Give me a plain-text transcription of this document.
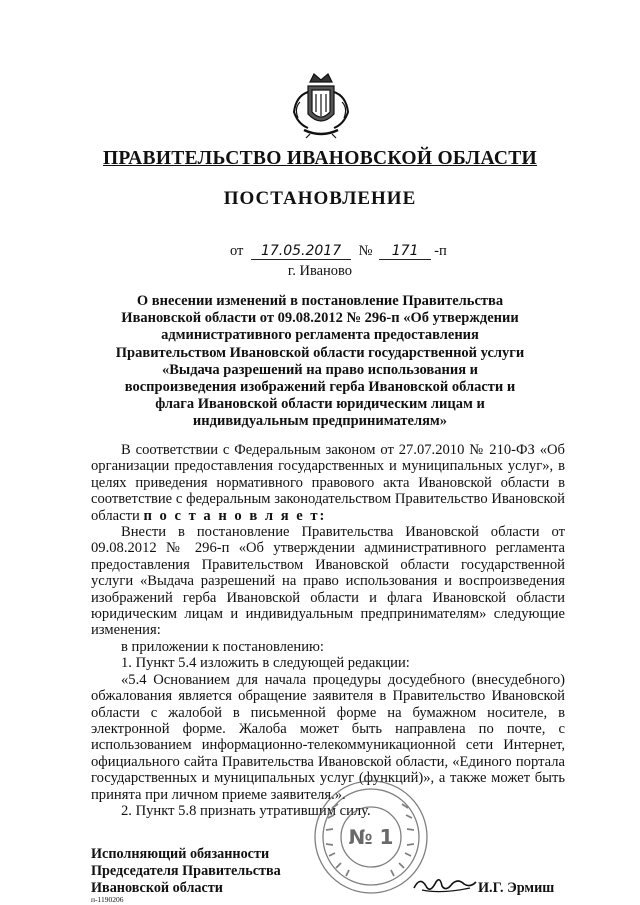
ПРАВИТЕЛЬСТВО ИВАНОВСКОЙ ОБЛАСТИ
ПОСТАНОВЛЕНИЕ
от 17.05.2017 № 171 -п
г. Иваново
О внесении изменений в постановление Правительства Ивановской области от 09.08.2012 № 296-п «Об утверждении административного регламента предоставления Правительством Ивановской области государственной услуги «Выдача разрешений на право использования и воспроизведения изображений герба Ивановской области и флага Ивановской области юридическим лицам и индивидуальным предпринимателям»

В соответствии с Федеральным законом от 27.07.2010 № 210-ФЗ «Об организации предоставления государственных и муниципальных услуг», в целях приведения нормативного правового акта Ивановской области в соответствие с федеральным законодательством Правительство Ивановской области п о с т а н о в л я е т:

Внести в постановление Правительства Ивановской области от 09.08.2012 № 296-п «Об утверждении административного регламента предоставления Правительством Ивановской области государственной услуги «Выдача разрешений на право использования и воспроизведения изображений герба Ивановской области и флага Ивановской области юридическим лицам и индивидуальным предпринимателям» следующие изменения:

в приложении к постановлению:

1. Пункт 5.4 изложить в следующей редакции:

«5.4 Основанием для начала процедуры досудебного (внесудебного) обжалования является обращение заявителя в Правительство Ивановской области с жалобой в письменной форме на бумажном носителе, в электронной форме. Жалоба может быть направлена по почте, с использованием информационно-телекоммуникационной сети Интернет, официального сайта Правительства Ивановской области, «Единого портала государственных и муниципальных услуг (функций)», а также может быть принята при личном приеме заявителя.».

2. Пункт 5.8 признать утратившим силу.

№ 1
Исполняющий обязанности
Председателя Правительства
Ивановской области	И.Г. Эрмиш
п-1190206
